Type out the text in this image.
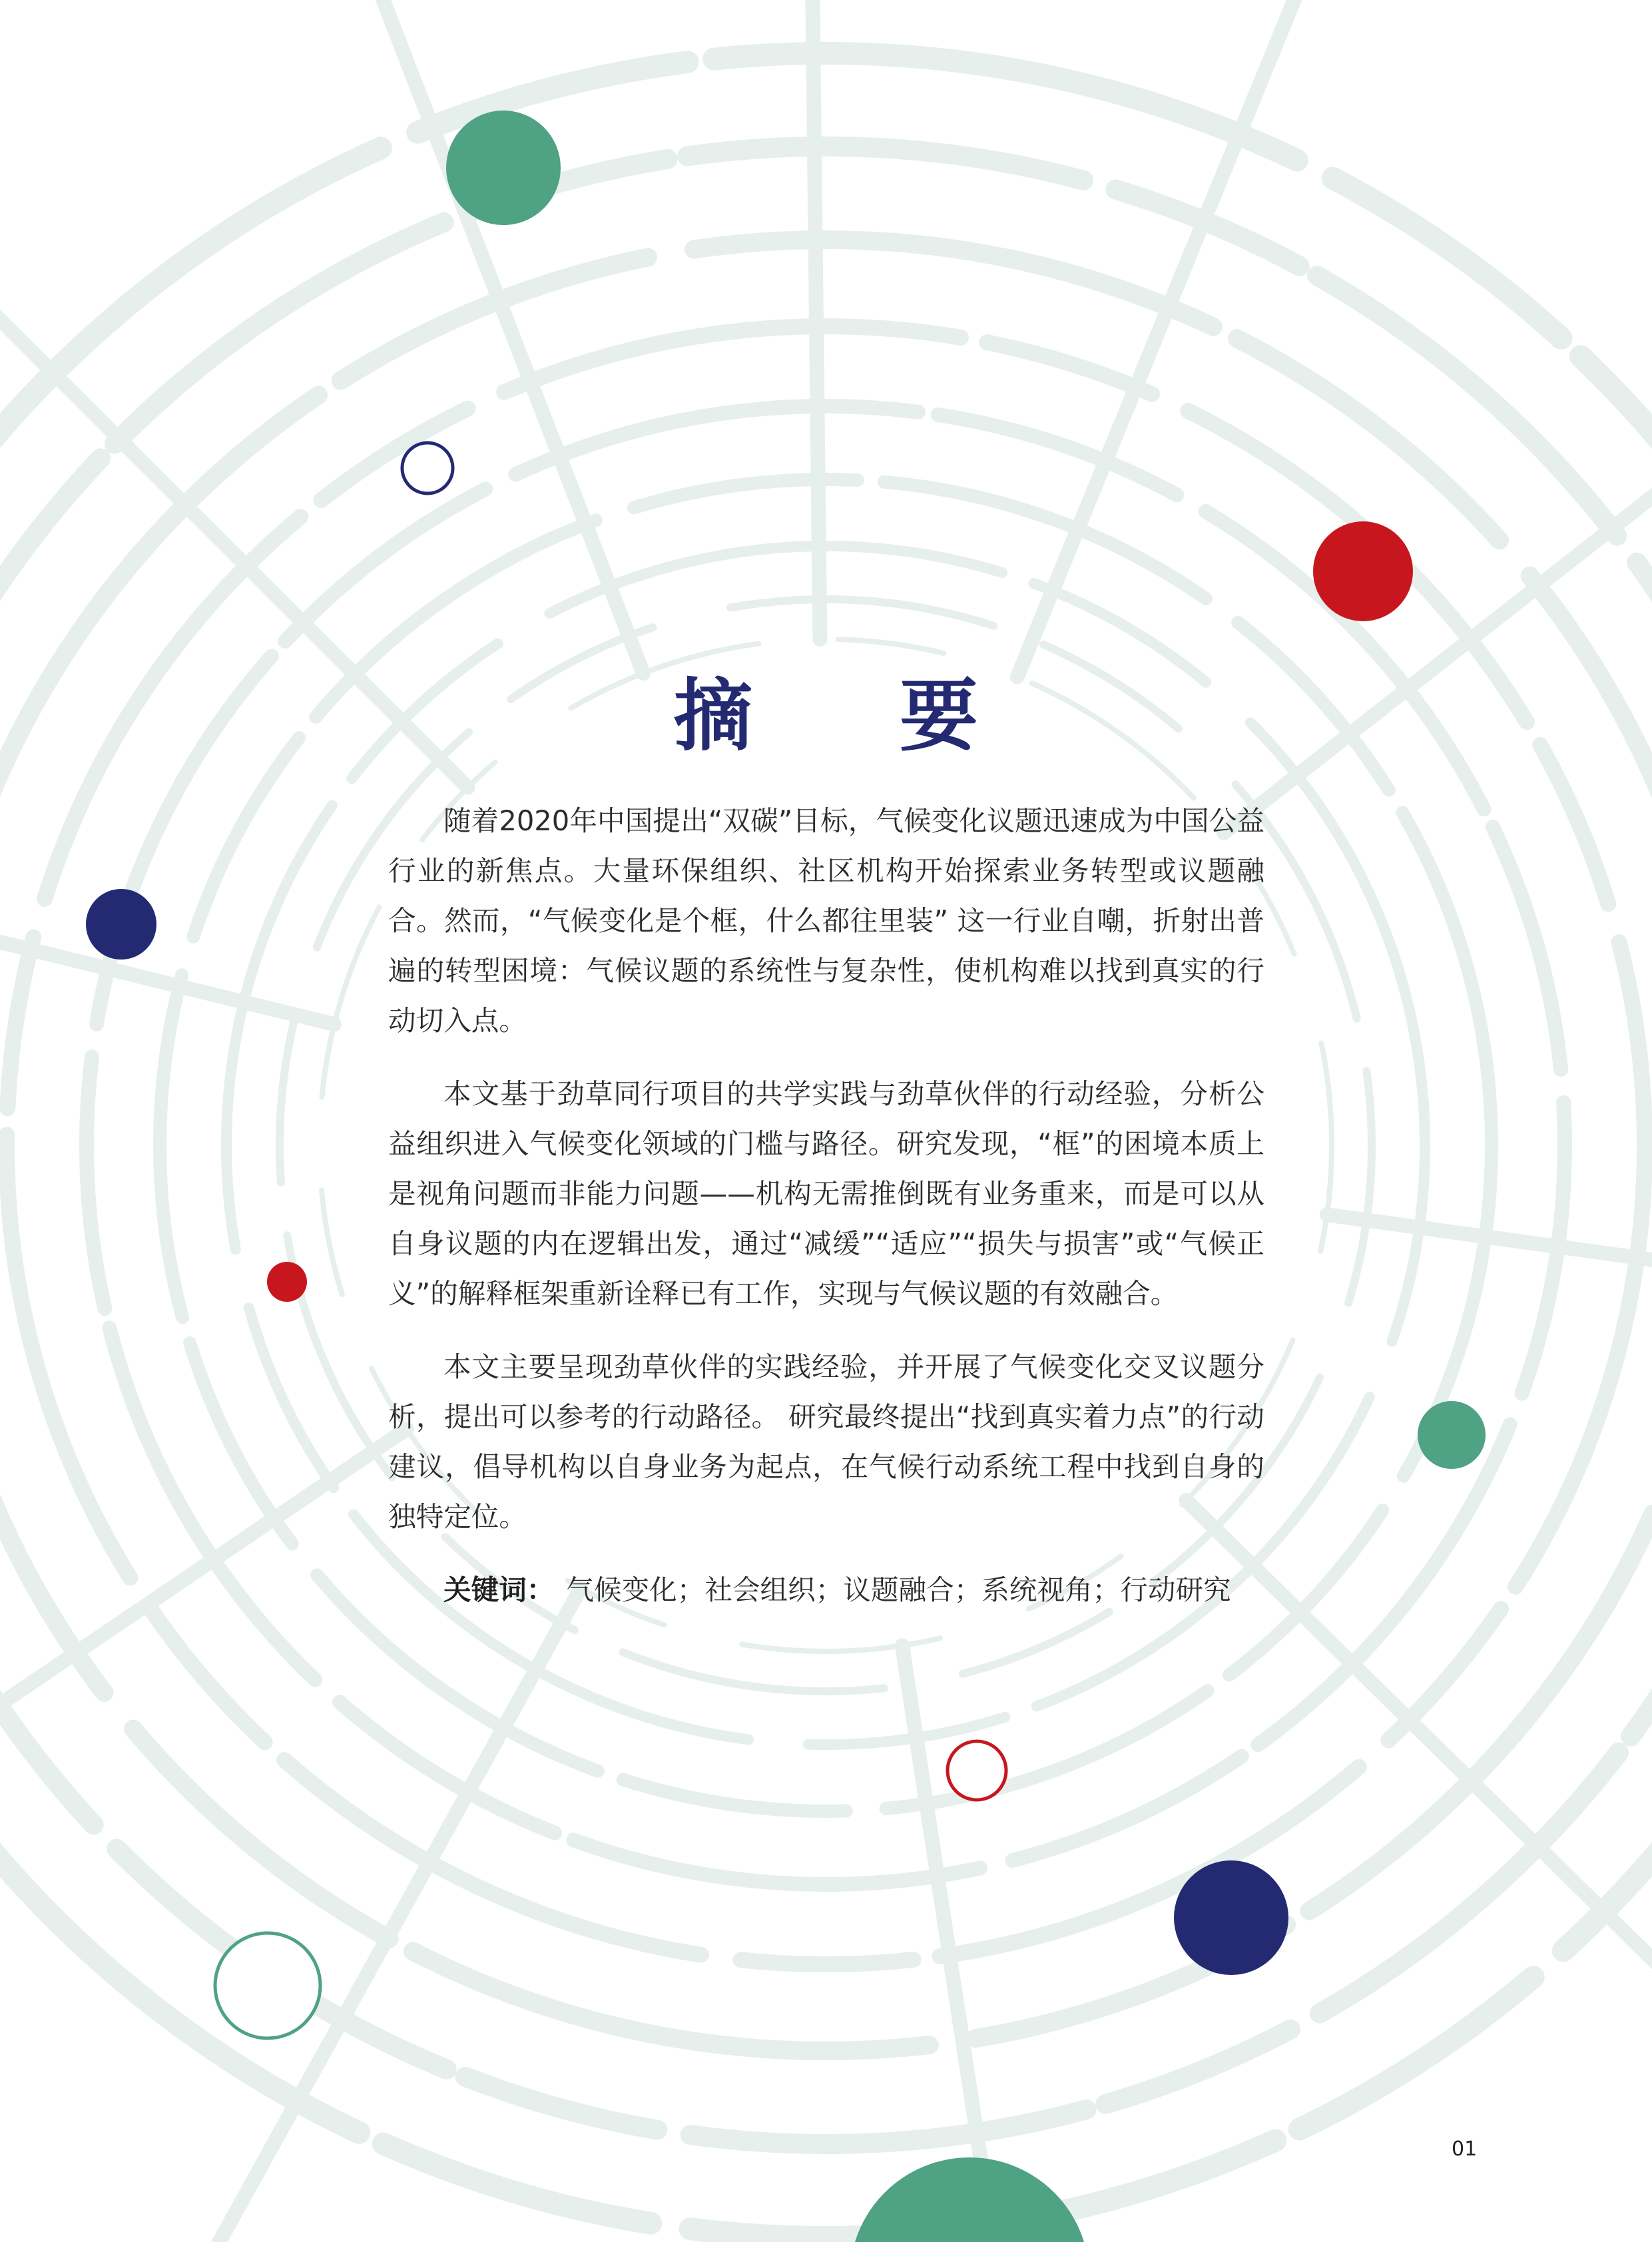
摘 要

随着2020年中国提出“双碳”目标，气候变化议题迅速成为中国公益行业的新焦点。大量环保组织、社区机构开始探索业务转型或议题融合。然而，“气候变化是个框，什么都往里装” 这一行业自嘲，折射出普遍的转型困境：气候议题的系统性与复杂性，使机构难以找到真实的行动切入点。

本文基于劲草同行项目的共学实践与劲草伙伴的行动经验，分析公益组织进入气候变化领域的门槛与路径。研究发现，“框”的困境本质上是视角问题而非能力问题——机构无需推倒既有业务重来，而是可以从自身议题的内在逻辑出发，通过“减缓”“适应”“损失与损害”或“气候正义”的解释框架重新诠释已有工作，实现与气候议题的有效融合。

本文主要呈现劲草伙伴的实践经验，并开展了气候变化交叉议题分析，提出可以参考的行动路径。 研究最终提出“找到真实着力点”的行动建议，倡导机构以自身业务为起点，在气候行动系统工程中找到自身的独特定位。

关键词： 气候变化；社会组织；议题融合；系统视角；行动研究
01
